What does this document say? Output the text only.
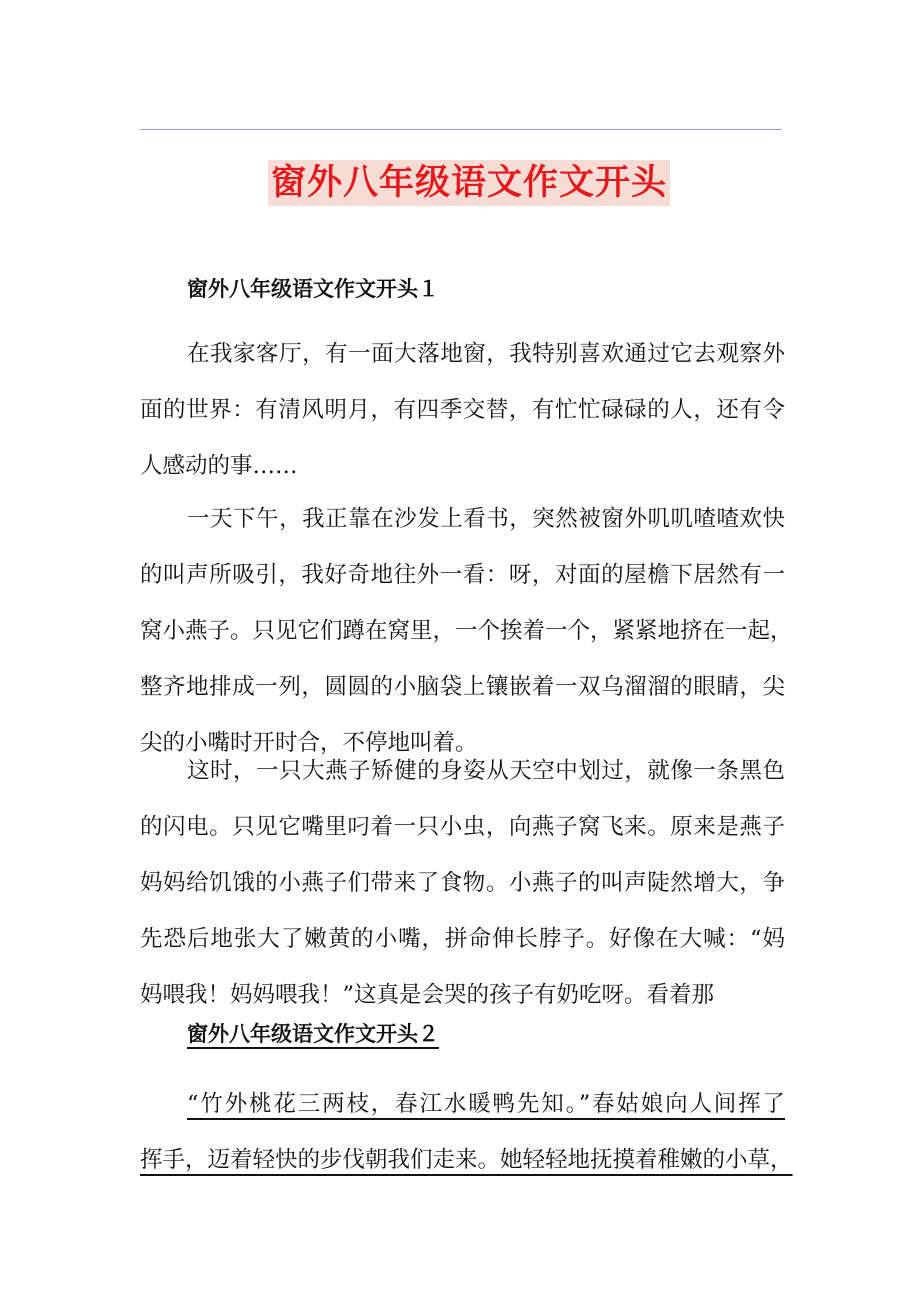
窗外八年级语文作文开头
窗外八年级语文作文开头１
在我家客厅，有一面大落地窗，我特别喜欢通过它去观察外
面的世界：有清风明月，有四季交替，有忙忙碌碌的人，还有令
人感动的事……
一天下午，我正靠在沙发上看书，突然被窗外叽叽喳喳欢快
的叫声所吸引，我好奇地往外一看：呀，对面的屋檐下居然有一
窝小燕子。只见它们蹲在窝里，一个挨着一个，紧紧地挤在一起，
整齐地排成一列，圆圆的小脑袋上镶嵌着一双乌溜溜的眼睛，尖
尖的小嘴时开时合，不停地叫着。
这时，一只大燕子矫健的身姿从天空中划过，就像一条黑色
的闪电。只见它嘴里叼着一只小虫，向燕子窝飞来。原来是燕子
妈妈给饥饿的小燕子们带来了食物。小燕子的叫声陡然增大，争
先恐后地张大了嫩黄的小嘴，拼命伸长脖子。好像在大喊：“妈
妈喂我！妈妈喂我！”这真是会哭的孩子有奶吃呀。看着那
窗外八年级语文作文开头２
“竹外桃花三两枝，春江水暖鸭先知。”春姑娘向人间挥了
挥手，迈着轻快的步伐朝我们走来。她轻轻地抚摸着稚嫩的小草，
